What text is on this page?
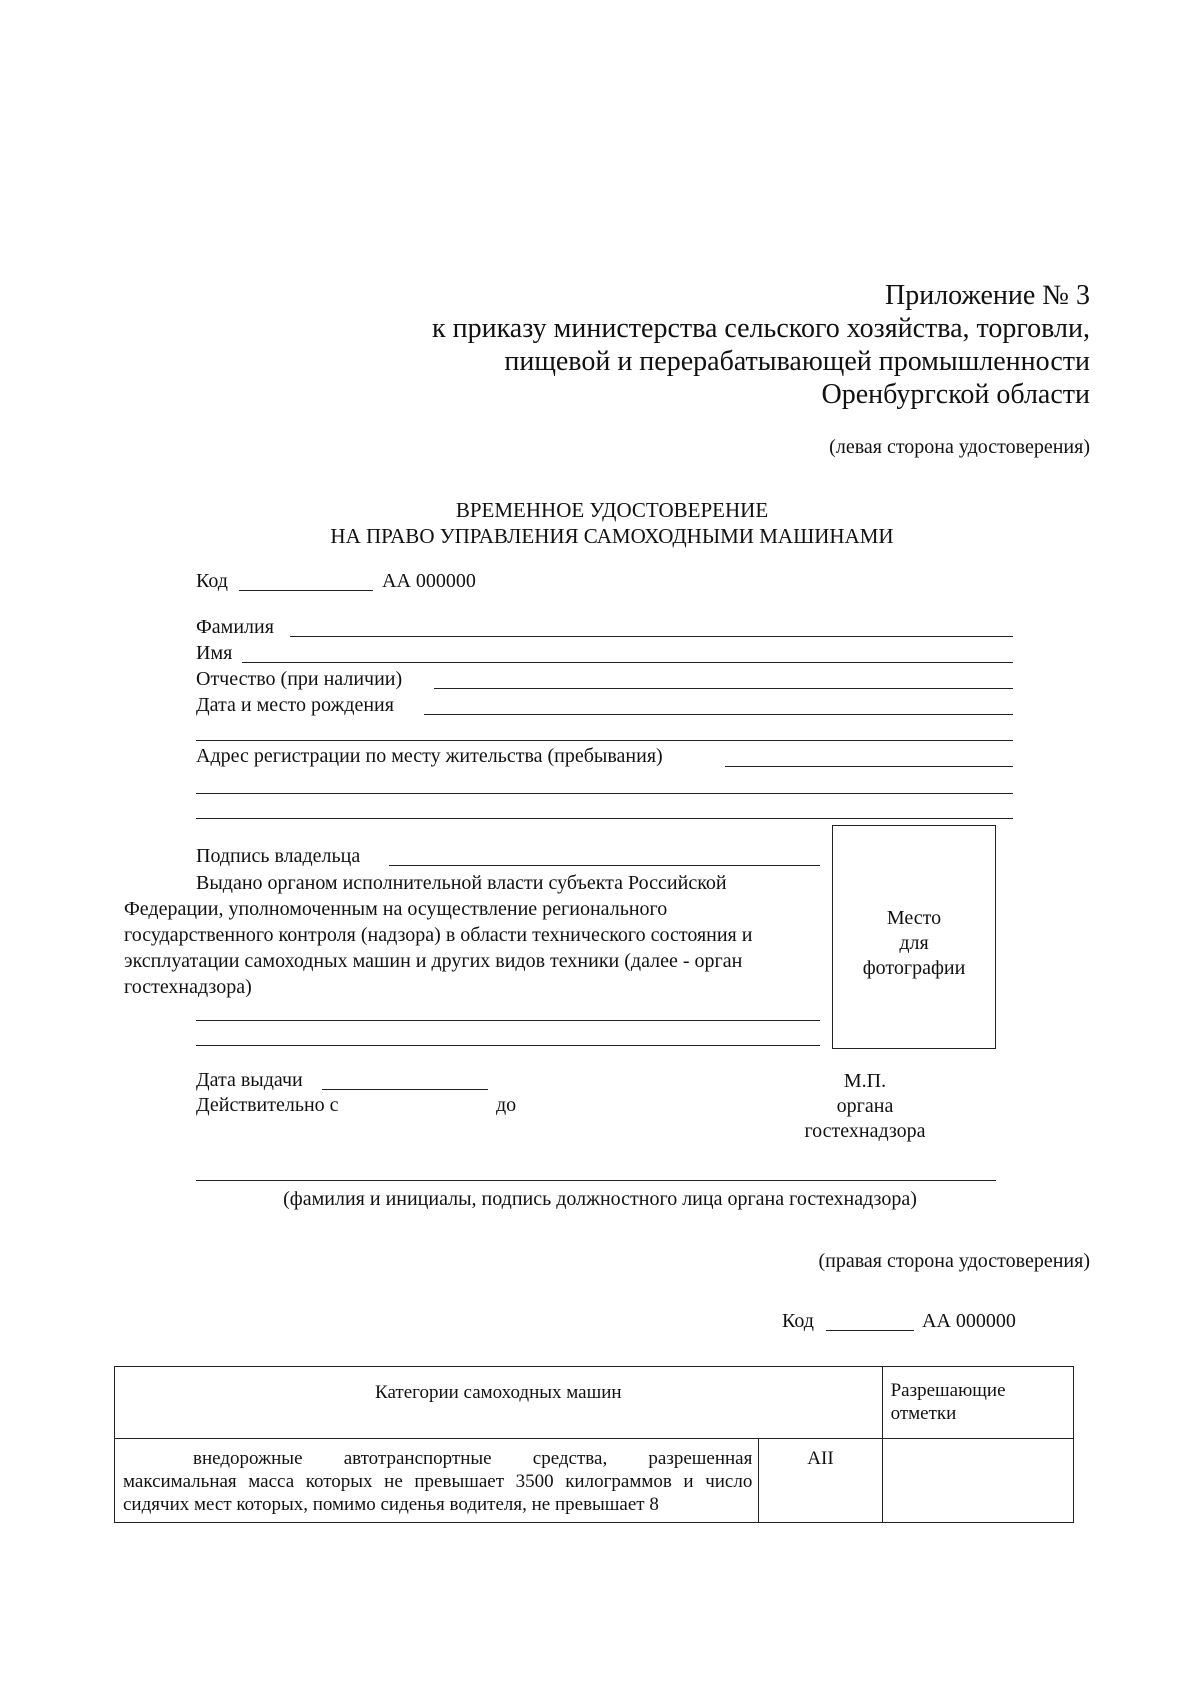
Приложение № 3
к приказу министерства сельского хозяйства, торговли,
пищевой и перерабатывающей промышленности
Оренбургской области
(левая сторона удостоверения)
ВРЕМЕННОЕ УДОСТОВЕРЕНИЕ
НА ПРАВО УПРАВЛЕНИЯ САМОХОДНЫМИ МАШИНАМИ
Код	АА 000000
Фамилия
Имя
Отчество (при наличии)
Дата и место рождения
Адрес регистрации по месту жительства (пребывания)
Подпись владельца
Выдано органом исполнительной власти субъекта Российской
Федерации, уполномоченным на осуществление регионального
государственного контроля (надзора) в области технического состояния и
эксплуатации самоходных машин и других видов техники (далее - орган
гостехнадзора)
Место
для
фотографии
Дата выдачи
Действительно с	до
М.П.
органа
гостехнадзора
(фамилия и инициалы, подпись должностного лица органа гостехнадзора)
(правая сторона удостоверения)
Код	АА 000000
Категории самоходных машин		Разрешающие отметки
внедорожные автотранспортные средства, разрешенная максимальная масса которых не превышает 3500 килограммов и число сидячих мест которых, помимо сиденья водителя, не превышает 8	AII	
